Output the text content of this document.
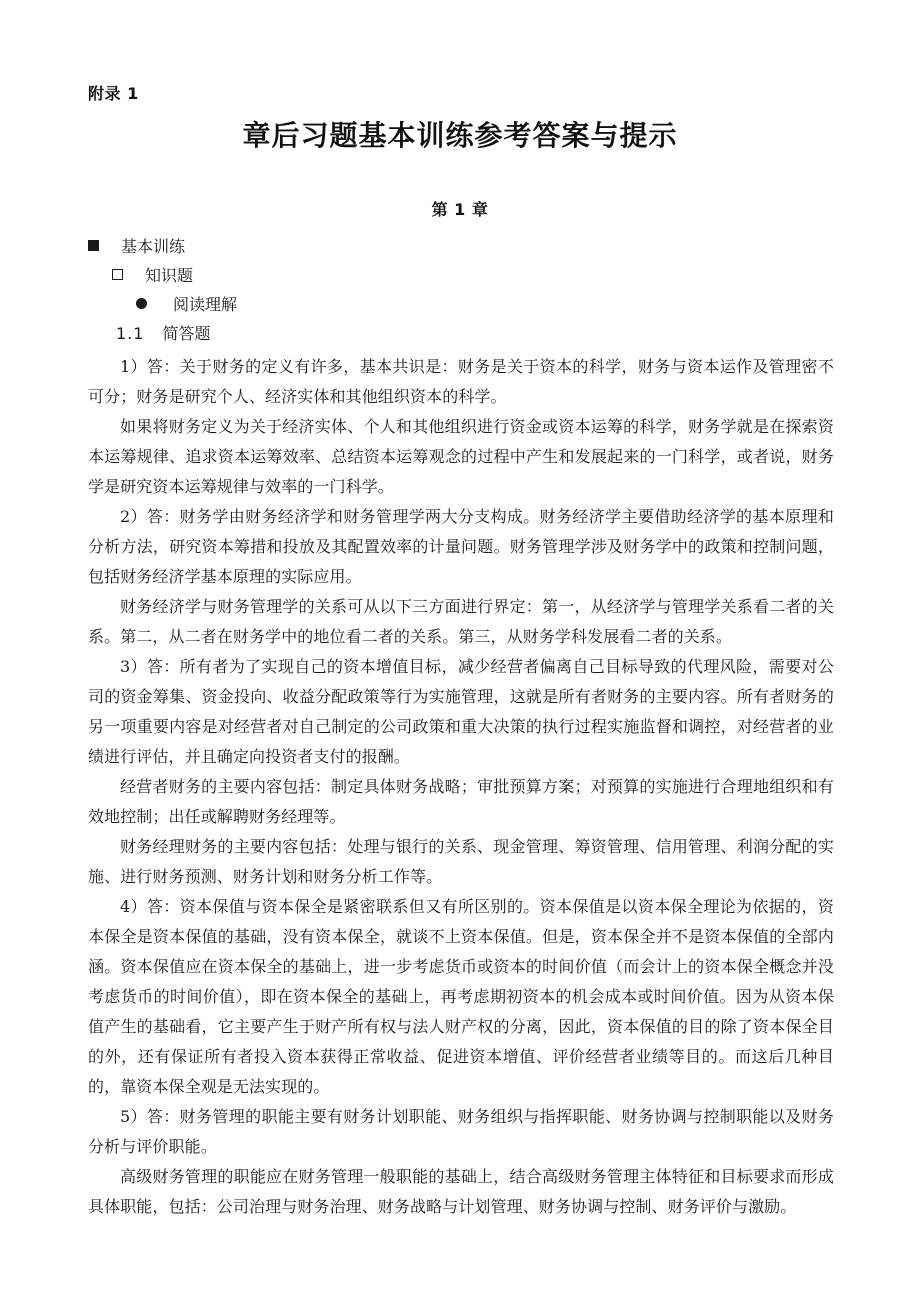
附录 1
章后习题基本训练参考答案与提示
第 1 章
基本训练
知识题
阅读理解
1.1 简答题

1）答：关于财务的定义有许多，基本共识是：财务是关于资本的科学，财务与资本运作及管理密不可分；财务是研究个人、经济实体和其他组织资本的科学。

如果将财务定义为关于经济实体、个人和其他组织进行资金或资本运筹的科学，财务学就是在探索资本运筹规律、追求资本运筹效率、总结资本运筹观念的过程中产生和发展起来的一门科学，或者说，财务学是研究资本运筹规律与效率的一门科学。

2）答：财务学由财务经济学和财务管理学两大分支构成。财务经济学主要借助经济学的基本原理和分析方法，研究资本筹措和投放及其配置效率的计量问题。财务管理学涉及财务学中的政策和控制问题，包括财务经济学基本原理的实际应用。

财务经济学与财务管理学的关系可从以下三方面进行界定：第一，从经济学与管理学关系看二者的关系。第二，从二者在财务学中的地位看二者的关系。第三，从财务学科发展看二者的关系。

3）答：所有者为了实现自己的资本增值目标，减少经营者偏离自己目标导致的代理风险，需要对公司的资金筹集、资金投向、收益分配政策等行为实施管理，这就是所有者财务的主要内容。所有者财务的另一项重要内容是对经营者对自己制定的公司政策和重大决策的执行过程实施监督和调控，对经营者的业绩进行评估，并且确定向投资者支付的报酬。

经营者财务的主要内容包括：制定具体财务战略；审批预算方案；对预算的实施进行合理地组织和有效地控制；出任或解聘财务经理等。

财务经理财务的主要内容包括：处理与银行的关系、现金管理、筹资管理、信用管理、利润分配的实施、进行财务预测、财务计划和财务分析工作等。

4）答：资本保值与资本保全是紧密联系但又有所区别的。资本保值是以资本保全理论为依据的，资本保全是资本保值的基础，没有资本保全，就谈不上资本保值。但是，资本保全并不是资本保值的全部内涵。资本保值应在资本保全的基础上，进一步考虑货币或资本的时间价值（而会计上的资本保全概念并没考虑货币的时间价值），即在资本保全的基础上，再考虑期初资本的机会成本或时间价值。因为从资本保值产生的基础看，它主要产生于财产所有权与法人财产权的分离，因此，资本保值的目的除了资本保全目的外，还有保证所有者投入资本获得正常收益、促进资本增值、评价经营者业绩等目的。而这后几种目的，靠资本保全观是无法实现的。

5）答：财务管理的职能主要有财务计划职能、财务组织与指挥职能、财务协调与控制职能以及财务分析与评价职能。

高级财务管理的职能应在财务管理一般职能的基础上，结合高级财务管理主体特征和目标要求而形成具体职能，包括：公司治理与财务治理、财务战略与计划管理、财务协调与控制、财务评价与激励。
